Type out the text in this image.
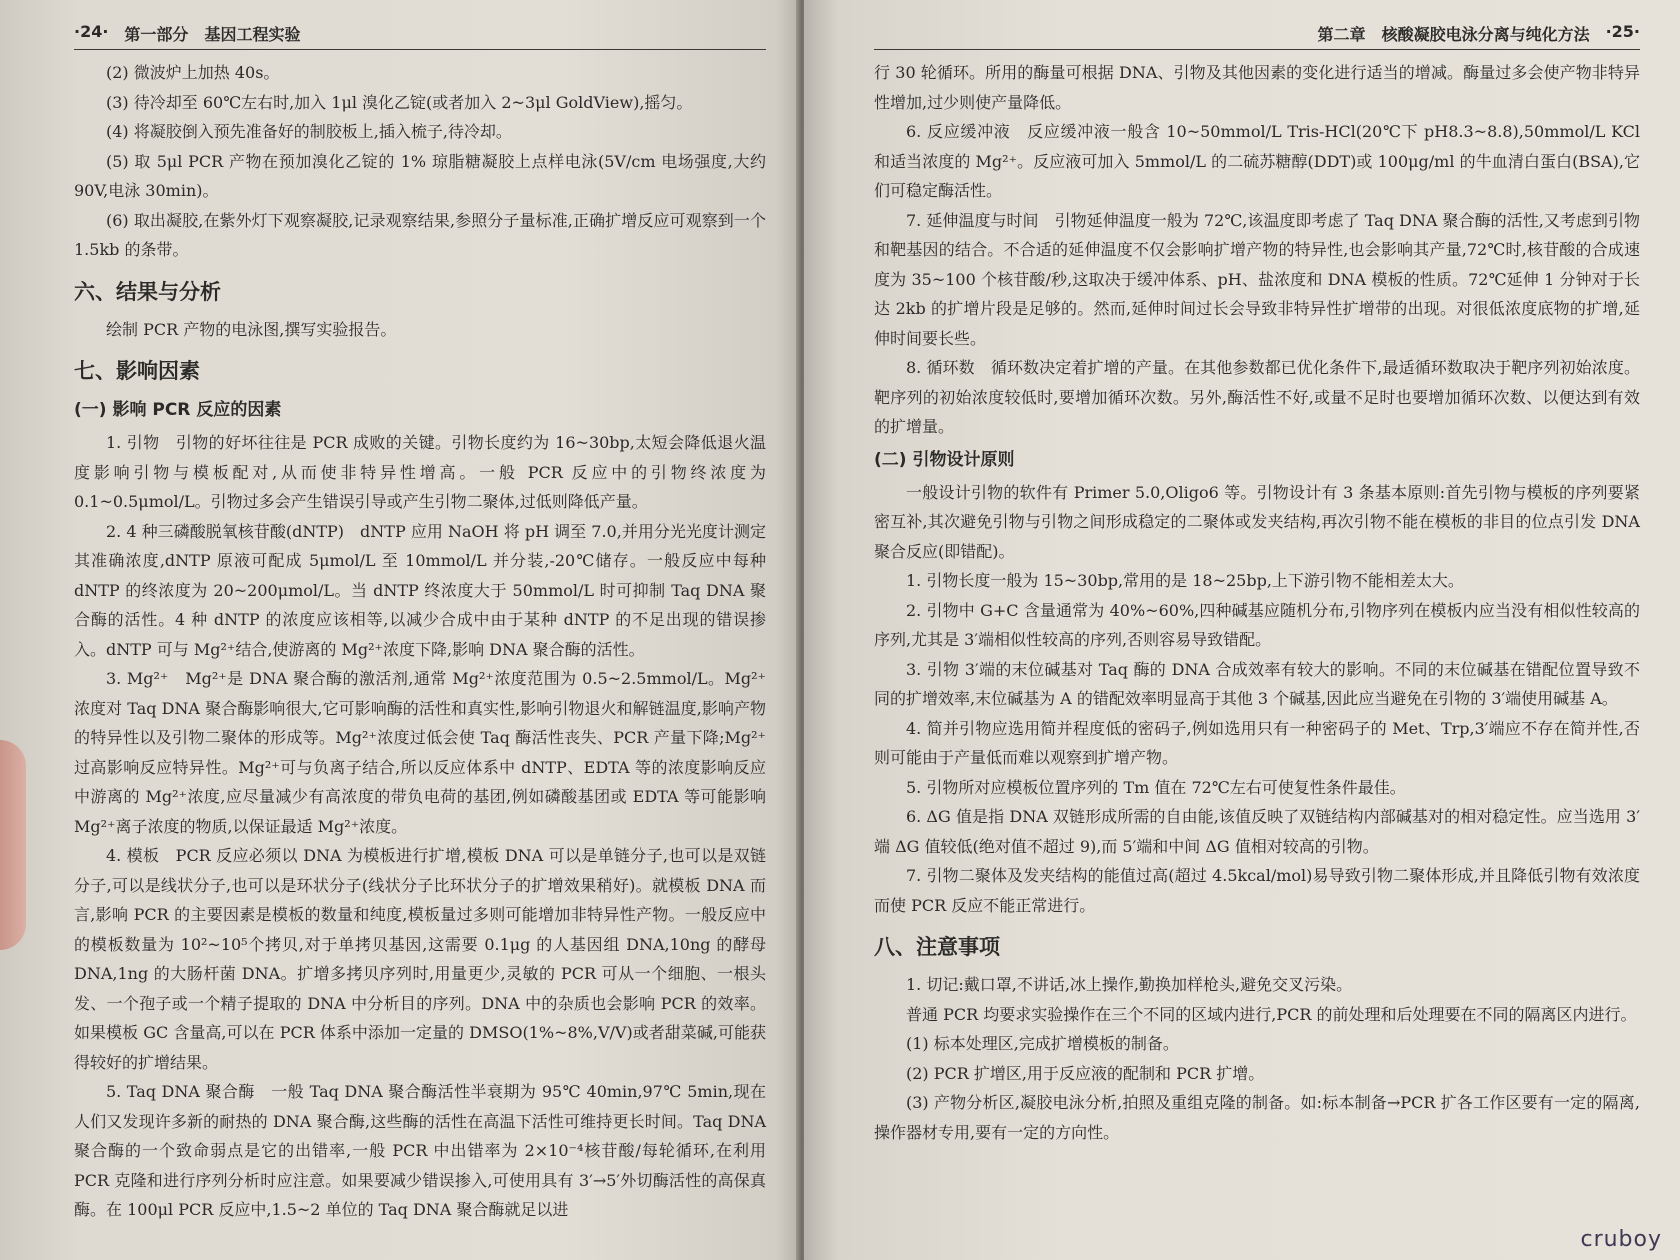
·24· 第一部分 基因工程实验

(2) 微波炉上加热 40s。

(3) 待冷却至 60℃左右时,加入 1μl 溴化乙锭(或者加入 2~3μl GoldView),摇匀。

(4) 将凝胶倒入预先准备好的制胶板上,插入梳子,待冷却。

(5) 取 5μl PCR 产物在预加溴化乙锭的 1% 琼脂糖凝胶上点样电泳(5V/cm 电场强度,大约 90V,电泳 30min)。

(6) 取出凝胶,在紫外灯下观察凝胶,记录观察结果,参照分子量标准,正确扩增反应可观察到一个 1.5kb 的条带。

六、结果与分析

绘制 PCR 产物的电泳图,撰写实验报告。

七、影响因素
(一) 影响 PCR 反应的因素

1. 引物　引物的好坏往往是 PCR 成败的关键。引物长度约为 16~30bp,太短会降低退火温度影响引物与模板配对,从而使非特异性增高。一般 PCR 反应中的引物终浓度为 0.1~0.5μmol/L。引物过多会产生错误引导或产生引物二聚体,过低则降低产量。

2. 4 种三磷酸脱氧核苷酸(dNTP)　dNTP 应用 NaOH 将 pH 调至 7.0,并用分光光度计测定其准确浓度,dNTP 原液可配成 5μmol/L 至 10mmol/L 并分装,-20℃储存。一般反应中每种 dNTP 的终浓度为 20~200μmol/L。当 dNTP 终浓度大于 50mmol/L 时可抑制 Taq DNA 聚合酶的活性。4 种 dNTP 的浓度应该相等,以减少合成中由于某种 dNTP 的不足出现的错误掺入。dNTP 可与 Mg²⁺结合,使游离的 Mg²⁺浓度下降,影响 DNA 聚合酶的活性。

3. Mg²⁺　Mg²⁺是 DNA 聚合酶的激活剂,通常 Mg²⁺浓度范围为 0.5~2.5mmol/L。Mg²⁺浓度对 Taq DNA 聚合酶影响很大,它可影响酶的活性和真实性,影响引物退火和解链温度,影响产物的特异性以及引物二聚体的形成等。Mg²⁺浓度过低会使 Taq 酶活性丧失、PCR 产量下降;Mg²⁺过高影响反应特异性。Mg²⁺可与负离子结合,所以反应体系中 dNTP、EDTA 等的浓度影响反应中游离的 Mg²⁺浓度,应尽量减少有高浓度的带负电荷的基团,例如磷酸基团或 EDTA 等可能影响 Mg²⁺离子浓度的物质,以保证最适 Mg²⁺浓度。

4. 模板　PCR 反应必须以 DNA 为模板进行扩增,模板 DNA 可以是单链分子,也可以是双链分子,可以是线状分子,也可以是环状分子(线状分子比环状分子的扩增效果稍好)。就模板 DNA 而言,影响 PCR 的主要因素是模板的数量和纯度,模板量过多则可能增加非特异性产物。一般反应中的模板数量为 10²~10⁵个拷贝,对于单拷贝基因,这需要 0.1μg 的人基因组 DNA,10ng 的酵母 DNA,1ng 的大肠杆菌 DNA。扩增多拷贝序列时,用量更少,灵敏的 PCR 可从一个细胞、一根头发、一个孢子或一个精子提取的 DNA 中分析目的序列。DNA 中的杂质也会影响 PCR 的效率。如果模板 GC 含量高,可以在 PCR 体系中添加一定量的 DMSO(1%~8%,V/V)或者甜菜碱,可能获得较好的扩增结果。

5. Taq DNA 聚合酶　一般 Taq DNA 聚合酶活性半衰期为 95℃ 40min,97℃ 5min,现在人们又发现许多新的耐热的 DNA 聚合酶,这些酶的活性在高温下活性可维持更长时间。Taq DNA 聚合酶的一个致命弱点是它的出错率,一般 PCR 中出错率为 2×10⁻⁴核苷酸/每轮循环,在利用 PCR 克隆和进行序列分析时应注意。如果要减少错误掺入,可使用具有 3′→5′外切酶活性的高保真酶。在 100μl PCR 反应中,1.5~2 单位的 Taq DNA 聚合酶就足以进

第二章 核酸凝胶电泳分离与纯化方法 ·25·

行 30 轮循环。所用的酶量可根据 DNA、引物及其他因素的变化进行适当的增减。酶量过多会使产物非特异性增加,过少则使产量降低。

6. 反应缓冲液　反应缓冲液一般含 10~50mmol/L Tris-HCl(20℃下 pH8.3~8.8),50mmol/L KCl 和适当浓度的 Mg²⁺。反应液可加入 5mmol/L 的二硫苏糖醇(DDT)或 100μg/ml 的牛血清白蛋白(BSA),它们可稳定酶活性。

7. 延伸温度与时间　引物延伸温度一般为 72℃,该温度即考虑了 Taq DNA 聚合酶的活性,又考虑到引物和靶基因的结合。不合适的延伸温度不仅会影响扩增产物的特异性,也会影响其产量,72℃时,核苷酸的合成速度为 35~100 个核苷酸/秒,这取决于缓冲体系、pH、盐浓度和 DNA 模板的性质。72℃延伸 1 分钟对于长达 2kb 的扩增片段是足够的。然而,延伸时间过长会导致非特异性扩增带的出现。对很低浓度底物的扩增,延伸时间要长些。

8. 循环数　循环数决定着扩增的产量。在其他参数都已优化条件下,最适循环数取决于靶序列初始浓度。靶序列的初始浓度较低时,要增加循环次数。另外,酶活性不好,或量不足时也要增加循环次数、以便达到有效的扩增量。

(二) 引物设计原则

一般设计引物的软件有 Primer 5.0,Oligo6 等。引物设计有 3 条基本原则:首先引物与模板的序列要紧密互补,其次避免引物与引物之间形成稳定的二聚体或发夹结构,再次引物不能在模板的非目的位点引发 DNA 聚合反应(即错配)。

1. 引物长度一般为 15~30bp,常用的是 18~25bp,上下游引物不能相差太大。

2. 引物中 G+C 含量通常为 40%~60%,四种碱基应随机分布,引物序列在模板内应当没有相似性较高的序列,尤其是 3′端相似性较高的序列,否则容易导致错配。

3. 引物 3′端的末位碱基对 Taq 酶的 DNA 合成效率有较大的影响。不同的末位碱基在错配位置导致不同的扩增效率,末位碱基为 A 的错配效率明显高于其他 3 个碱基,因此应当避免在引物的 3′端使用碱基 A。

4. 简并引物应选用简并程度低的密码子,例如选用只有一种密码子的 Met、Trp,3′端应不存在简并性,否则可能由于产量低而难以观察到扩增产物。

5. 引物所对应模板位置序列的 Tm 值在 72℃左右可使复性条件最佳。

6. ΔG 值是指 DNA 双链形成所需的自由能,该值反映了双链结构内部碱基对的相对稳定性。应当选用 3′端 ΔG 值较低(绝对值不超过 9),而 5′端和中间 ΔG 值相对较高的引物。

7. 引物二聚体及发夹结构的能值过高(超过 4.5kcal/mol)易导致引物二聚体形成,并且降低引物有效浓度而使 PCR 反应不能正常进行。

八、注意事项

1. 切记:戴口罩,不讲话,冰上操作,勤换加样枪头,避免交叉污染。

普通 PCR 均要求实验操作在三个不同的区域内进行,PCR 的前处理和后处理要在不同的隔离区内进行。

(1) 标本处理区,完成扩增模板的制备。

(2) PCR 扩增区,用于反应液的配制和 PCR 扩增。

(3) 产物分析区,凝胶电泳分析,拍照及重组克隆的制备。如:标本制备→PCR 扩各工作区要有一定的隔离,操作器材专用,要有一定的方向性。

cruboy
